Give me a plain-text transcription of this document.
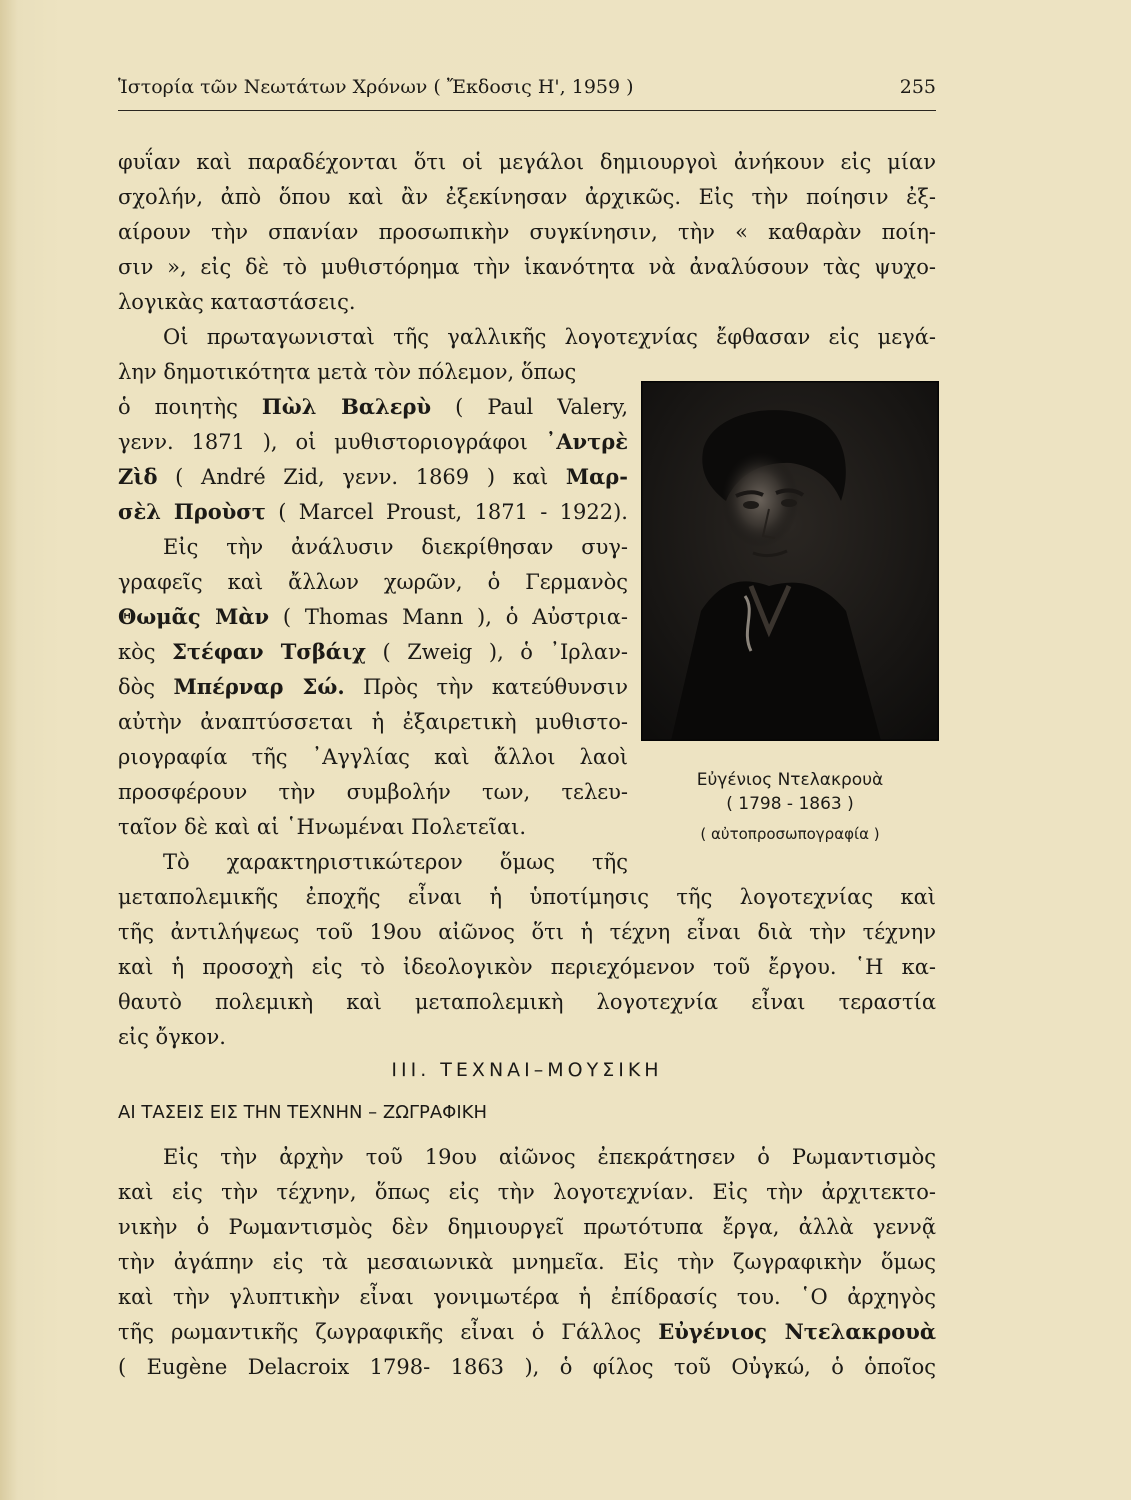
Ἱστορία τῶν Νεωτάτων Χρόνων ( Ἔκδοσις Η', 1959 )	255
φυΐαν καὶ παραδέχονται ὅτι οἱ μεγάλοι δημιουργοὶ ἀνήκουν εἰς μίαν
σχολήν, ἀπὸ ὅπου καὶ ἂν ἐξεκίνησαν ἀρχικῶς. Εἰς τὴν ποίησιν ἐξ-
αίρουν τὴν σπανίαν προσωπικὴν συγκίνησιν, τὴν « καθαρὰν ποίη-
σιν », εἰς δὲ τὸ μυθιστόρημα τὴν ἱκανότητα νὰ ἀναλύσουν τὰς ψυχο-
λογικὰς καταστάσεις.
Οἱ πρωταγωνισταὶ τῆς γαλλικῆς λογοτεχνίας ἔφθασαν εἰς μεγά-
λην δημοτικότητα μετὰ τὸν πόλεμον, ὅπως
ὁ ποιητὴς Πὼλ Βαλερὺ ( Paul Valery,
γενν. 1871 ), οἱ μυθιστοριογράφοι ᾿Αντρὲ
Ζὶδ ( André Zid, γενν. 1869 ) καὶ Μαρ-
σὲλ Προὺστ ( Marcel Proust, 1871 - 1922).
Εἰς τὴν ἀνάλυσιν διεκρίθησαν συγ-
γραφεῖς καὶ ἄλλων χωρῶν, ὁ Γερμανὸς
Θωμᾶς Μὰν ( Thomas Mann ), ὁ Αὐστρια-
κὸς Στέφαν Τσβάιχ ( Zweig ), ὁ ᾿Ιρλαν-
δὸς Μπέρναρ Σώ. Πρὸς τὴν κατεύθυνσιν
αὐτὴν ἀναπτύσσεται ἡ ἐξαιρετικὴ μυθιστο-
ριογραφία τῆς ᾿Αγγλίας καὶ ἄλλοι λαοὶ
προσφέρουν τὴν συμβολήν των, τελευ-
ταῖον δὲ καὶ αἱ ῾Ηνωμέναι Πολετεῖαι.
Τὸ χαρακτηριστικώτερον ὅμως τῆς
Εὐγένιος Ντελακρουὰ
( 1798 - 1863 )
( αὐτοπροσωπογραφία )
μεταπολεμικῆς ἐποχῆς εἶναι ἡ ὑποτίμησις τῆς λογοτεχνίας καὶ
τῆς ἀντιλήψεως τοῦ 19ου αἰῶνος ὅτι ἡ τέχνη εἶναι διὰ τὴν τέχνην
καὶ ἡ προσοχὴ εἰς τὸ ἰδεολογικὸν περιεχόμενον τοῦ ἔργου. ῾Η κα-
θαυτὸ πολεμικὴ καὶ μεταπολεμικὴ λογοτεχνία εἶναι τεραστία
εἰς ὄγκον.
ΙΙΙ. ΤΕΧΝΑΙ–ΜΟΥΣΙΚΗ
ΑΙ ΤΑΣΕΙΣ ΕΙΣ ΤΗΝ ΤΕΧΝΗΝ – ΖΩΓΡΑΦΙΚΗ
Εἰς τὴν ἀρχὴν τοῦ 19ου αἰῶνος ἐπεκράτησεν ὁ Ρωμαντισμὸς
καὶ εἰς τὴν τέχνην, ὅπως εἰς τὴν λογοτεχνίαν. Εἰς τὴν ἀρχιτεκτο-
νικὴν ὁ Ρωμαντισμὸς δὲν δημιουργεῖ πρωτότυπα ἔργα, ἀλλὰ γεννᾷ
τὴν ἀγάπην εἰς τὰ μεσαιωνικὰ μνημεῖα. Εἰς τὴν ζωγραφικὴν ὅμως
καὶ τὴν γλυπτικὴν εἶναι γονιμωτέρα ἡ ἐπίδρασίς του. ῾Ο ἀρχηγὸς
τῆς ρωμαντικῆς ζωγραφικῆς εἶναι ὁ Γάλλος Εὐγένιος Ντελακρουὰ
( Eugène Delacroix 1798- 1863 ), ὁ φίλος τοῦ Οὐγκώ, ὁ ὁποῖος
